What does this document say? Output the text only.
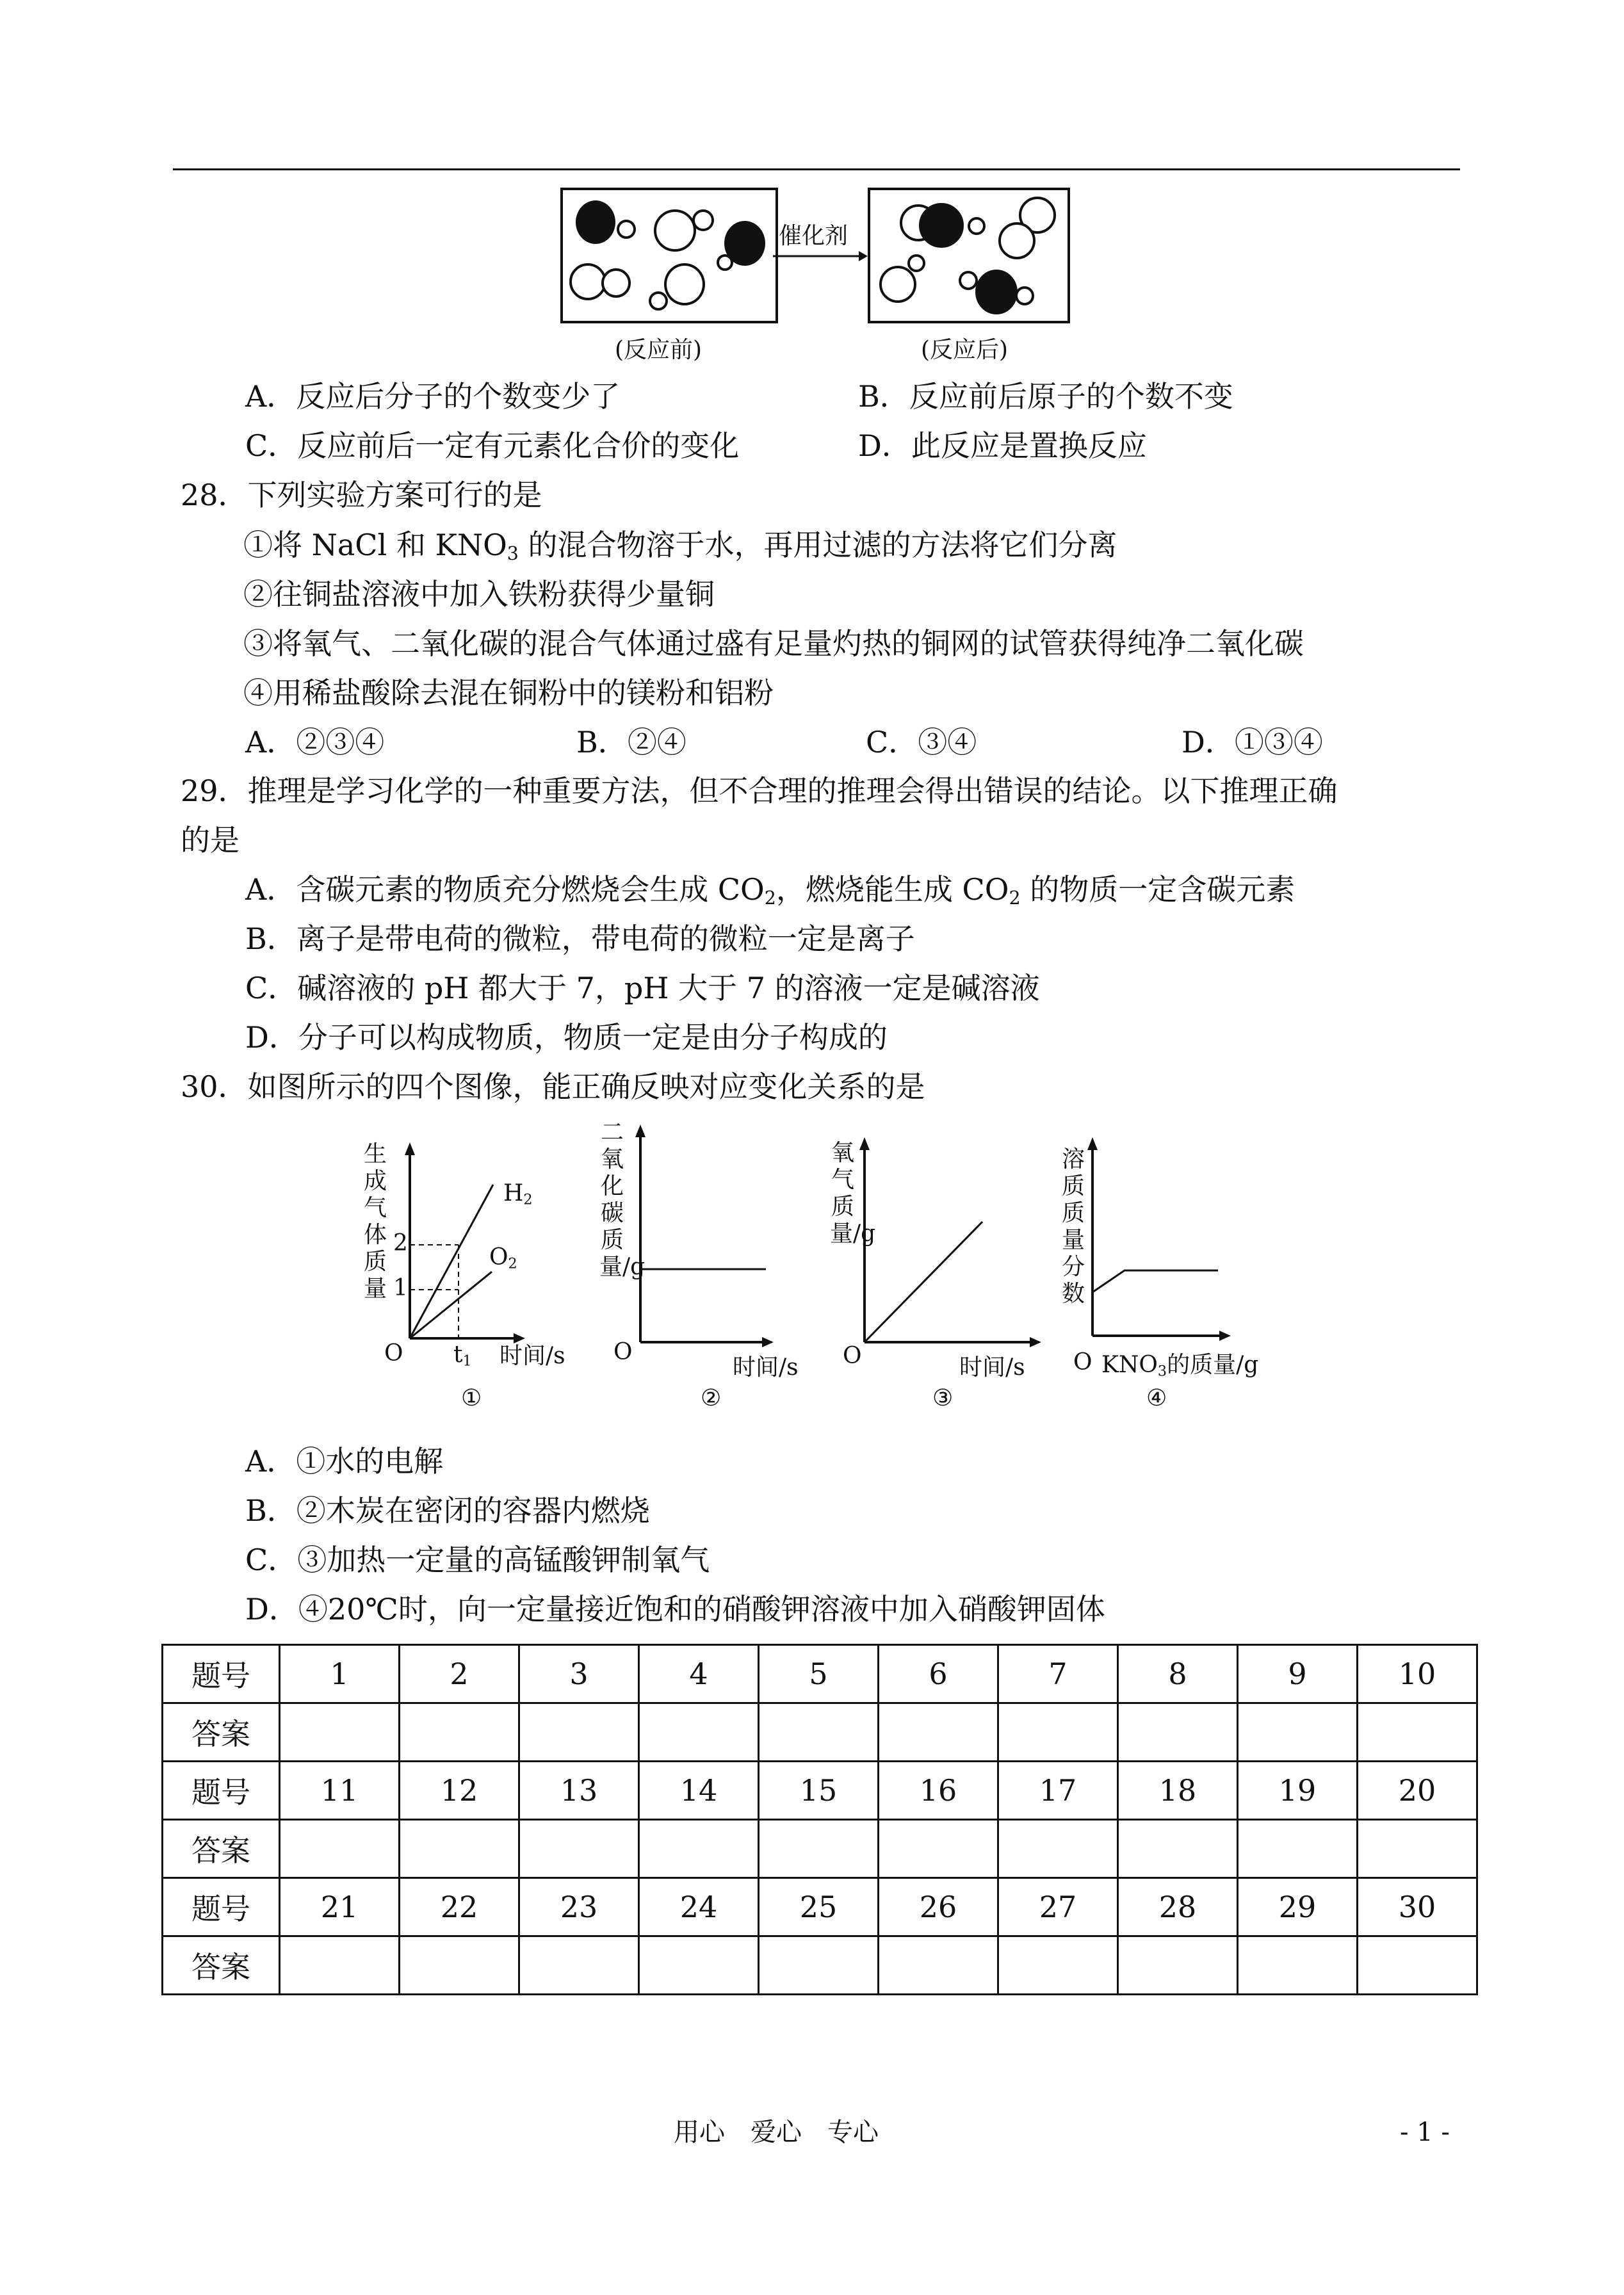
催化剂
(反应前)	(反应后)
A．反应后分子的个数变少了	B．反应前后原子的个数不变
C．反应前后一定有元素化合价的变化	D．此反应是置换反应
28．下列实验方案可行的是
①将 NaCl 和 $KNO_3$ 的混合物溶于水，再用过滤的方法将它们分离
②往铜盐溶液中加入铁粉获得少量铜
③将氧气、二氧化碳的混合气体通过盛有足量灼热的铜网的试管获得纯净二氧化碳
④用稀盐酸除去混在铜粉中的镁粉和铝粉
A．②③④	B．②④	C．③④	D．①③④
29．推理是学习化学的一种重要方法，但不合理的推理会得出错误的结论。以下推理正确
的是
A．含碳元素的物质充分燃烧会生成 $CO_2$，燃烧能生成 $CO_2$ 的物质一定含碳元素
B．离子是带电荷的微粒，带电荷的微粒一定是离子
C．碱溶液的 pH 都大于 7，pH 大于 7 的溶液一定是碱溶液
D．分子可以构成物质，物质一定是由分子构成的
30．如图所示的四个图像，能正确反映对应变化关系的是
生成气体质量
2
1
O $t_1$ 时间/s
$H_2$
$O_2$
①
二氧化碳质量/g
O
时间/s
②
氧气质量/g
O	时间/s
③
溶质质量分数
O $KNO_3$的质量/g
④
A．①水的电解
B．②木炭在密闭的容器内燃烧
C．③加热一定量的高锰酸钾制氧气
D．④20℃时，向一定量接近饱和的硝酸钾溶液中加入硝酸钾固体
题号	1	2	3	4	5	6	7	8	9	10
答案										
题号	11	12	13	14	15	16	17	18	19	20
答案										
题号	21	22	23	24	25	26	27	28	29	30
答案										
用心　爱心　专心	- 1 -
